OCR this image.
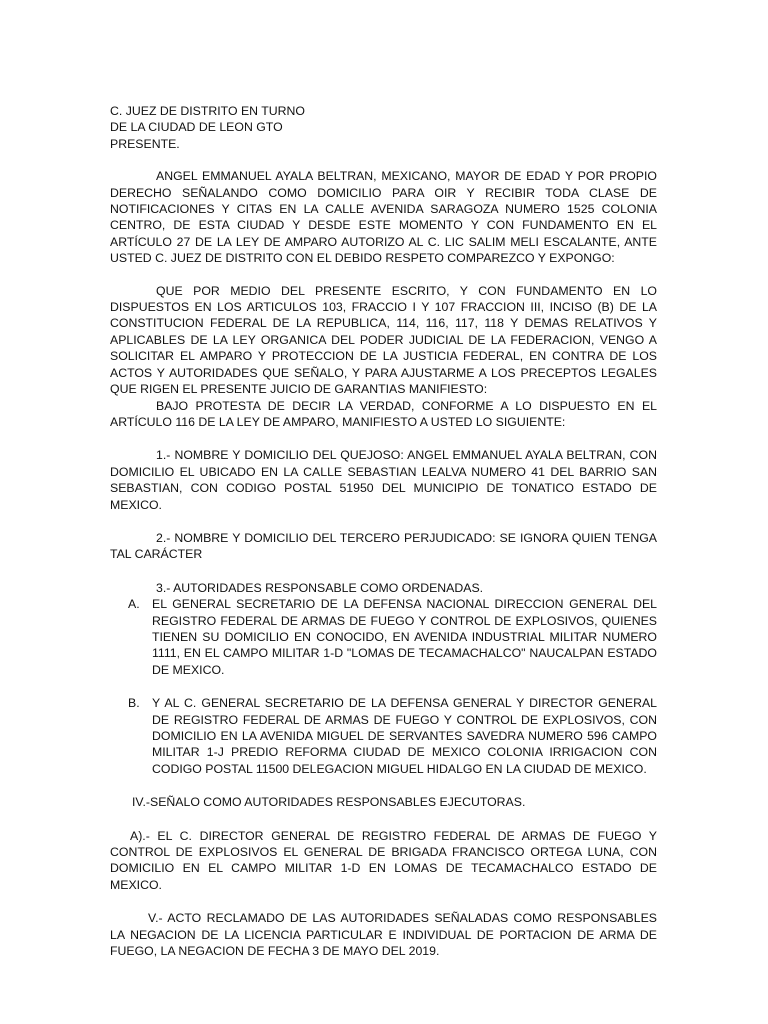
C. JUEZ DE DISTRITO EN TURNO
DE LA CIUDAD DE LEON GTO
PRESENTE.

ANGEL EMMANUEL AYALA BELTRAN, MEXICANO, MAYOR DE EDAD Y POR PROPIO DERECHO SEÑALANDO COMO DOMICILIO PARA OIR Y RECIBIR TODA CLASE DE NOTIFICACIONES Y CITAS EN LA CALLE AVENIDA SARAGOZA NUMERO 1525 COLONIA CENTRO, DE ESTA CIUDAD Y DESDE ESTE MOMENTO Y CON FUNDAMENTO EN EL ARTÍCULO 27 DE LA LEY DE AMPARO AUTORIZO AL C. LIC SALIM MELI ESCALANTE, ANTE USTED C. JUEZ DE DISTRITO CON EL DEBIDO RESPETO COMPAREZCO Y EXPONGO:

QUE POR MEDIO DEL PRESENTE ESCRITO, Y CON FUNDAMENTO EN LO DISPUESTOS EN LOS ARTICULOS 103, FRACCIO I Y 107 FRACCION III, INCISO (B) DE LA CONSTITUCION FEDERAL DE LA REPUBLICA, 114, 116, 117, 118 Y DEMAS RELATIVOS Y APLICABLES DE LA LEY ORGANICA DEL PODER JUDICIAL DE LA FEDERACION, VENGO A SOLICITAR EL AMPARO Y PROTECCION DE LA JUSTICIA FEDERAL, EN CONTRA DE LOS ACTOS Y AUTORIDADES QUE SEÑALO, Y PARA AJUSTARME A LOS PRECEPTOS LEGALES QUE RIGEN EL PRESENTE JUICIO DE GARANTIAS MANIFIESTO:

BAJO PROTESTA DE DECIR LA VERDAD, CONFORME A LO DISPUESTO EN EL ARTÍCULO 116 DE LA LEY DE AMPARO, MANIFIESTO A USTED LO SIGUIENTE:

1.- NOMBRE Y DOMICILIO DEL QUEJOSO: ANGEL EMMANUEL AYALA BELTRAN, CON DOMICILIO EL UBICADO EN LA CALLE SEBASTIAN LEALVA NUMERO 41 DEL BARRIO SAN SEBASTIAN, CON CODIGO POSTAL 51950 DEL MUNICIPIO DE TONATICO ESTADO DE MEXICO.

2.- NOMBRE Y DOMICILIO DEL TERCERO PERJUDICADO: SE IGNORA QUIEN TENGA TAL CARÁCTER

3.- AUTORIDADES RESPONSABLE COMO ORDENADAS.

A. EL GENERAL SECRETARIO DE LA DEFENSA NACIONAL DIRECCION GENERAL DEL REGISTRO FEDERAL DE ARMAS DE FUEGO Y CONTROL DE EXPLOSIVOS, QUIENES TIENEN SU DOMICILIO EN CONOCIDO, EN AVENIDA INDUSTRIAL MILITAR NUMERO 1111, EN EL CAMPO MILITAR 1-D "LOMAS DE TECAMACHALCO" NAUCALPAN ESTADO DE MEXICO.
B. Y AL C. GENERAL SECRETARIO DE LA DEFENSA GENERAL Y DIRECTOR GENERAL DE REGISTRO FEDERAL DE ARMAS DE FUEGO Y CONTROL DE EXPLOSIVOS, CON DOMICILIO EN LA AVENIDA MIGUEL DE SERVANTES SAVEDRA NUMERO 596 CAMPO MILITAR 1-J PREDIO REFORMA CIUDAD DE MEXICO COLONIA IRRIGACION CON CODIGO POSTAL 11500 DELEGACION MIGUEL HIDALGO EN LA CIUDAD DE MEXICO.

IV.-SEÑALO COMO AUTORIDADES RESPONSABLES EJECUTORAS.

A).- EL C. DIRECTOR GENERAL DE REGISTRO FEDERAL DE ARMAS DE FUEGO Y CONTROL DE EXPLOSIVOS EL GENERAL DE BRIGADA FRANCISCO ORTEGA LUNA, CON DOMICILIO EN EL CAMPO MILITAR 1-D EN LOMAS DE TECAMACHALCO ESTADO DE MEXICO.

V.- ACTO RECLAMADO DE LAS AUTORIDADES SEÑALADAS COMO RESPONSABLES LA NEGACION DE LA LICENCIA PARTICULAR E INDIVIDUAL DE PORTACION DE ARMA DE FUEGO, LA NEGACION DE FECHA 3 DE MAYO DEL 2019.
